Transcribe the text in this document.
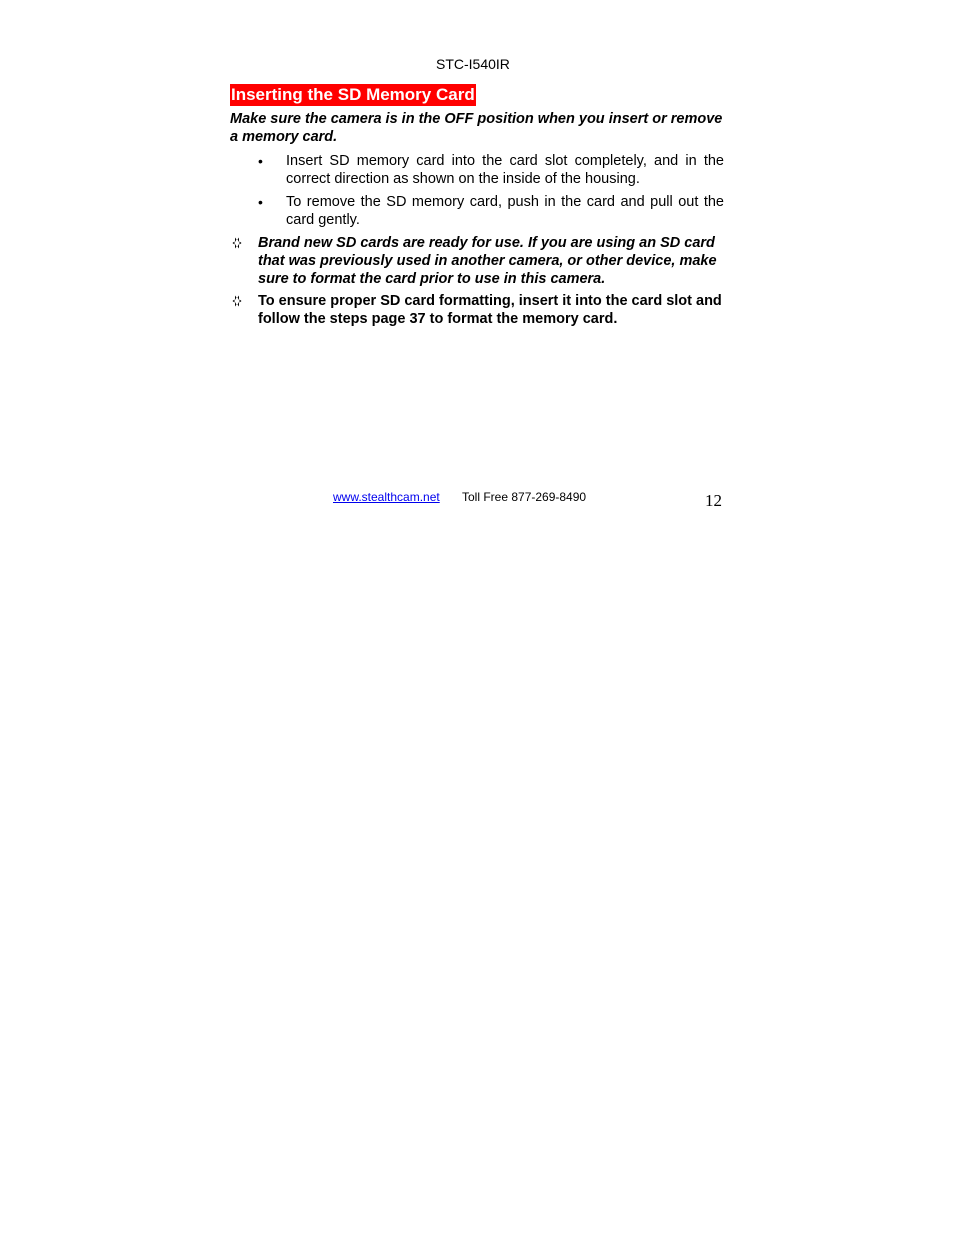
STC-I540IR
Inserting the SD Memory Card
Make sure the camera is in the OFF position when you insert or remove a memory card.
• Insert SD memory card into the card slot completely, and in the correct direction as shown on the inside of the housing.
• To remove the SD memory card, push in the card and pull out the card gently.
Brand new SD cards are ready for use. If you are using an SD card that was previously used in another camera, or other device, make sure to format the card prior to use in this camera.
To ensure proper SD card formatting, insert it into the card slot and follow the steps page 37 to format the memory card.
www.stealthcam.net Toll Free 877-269-8490	12
